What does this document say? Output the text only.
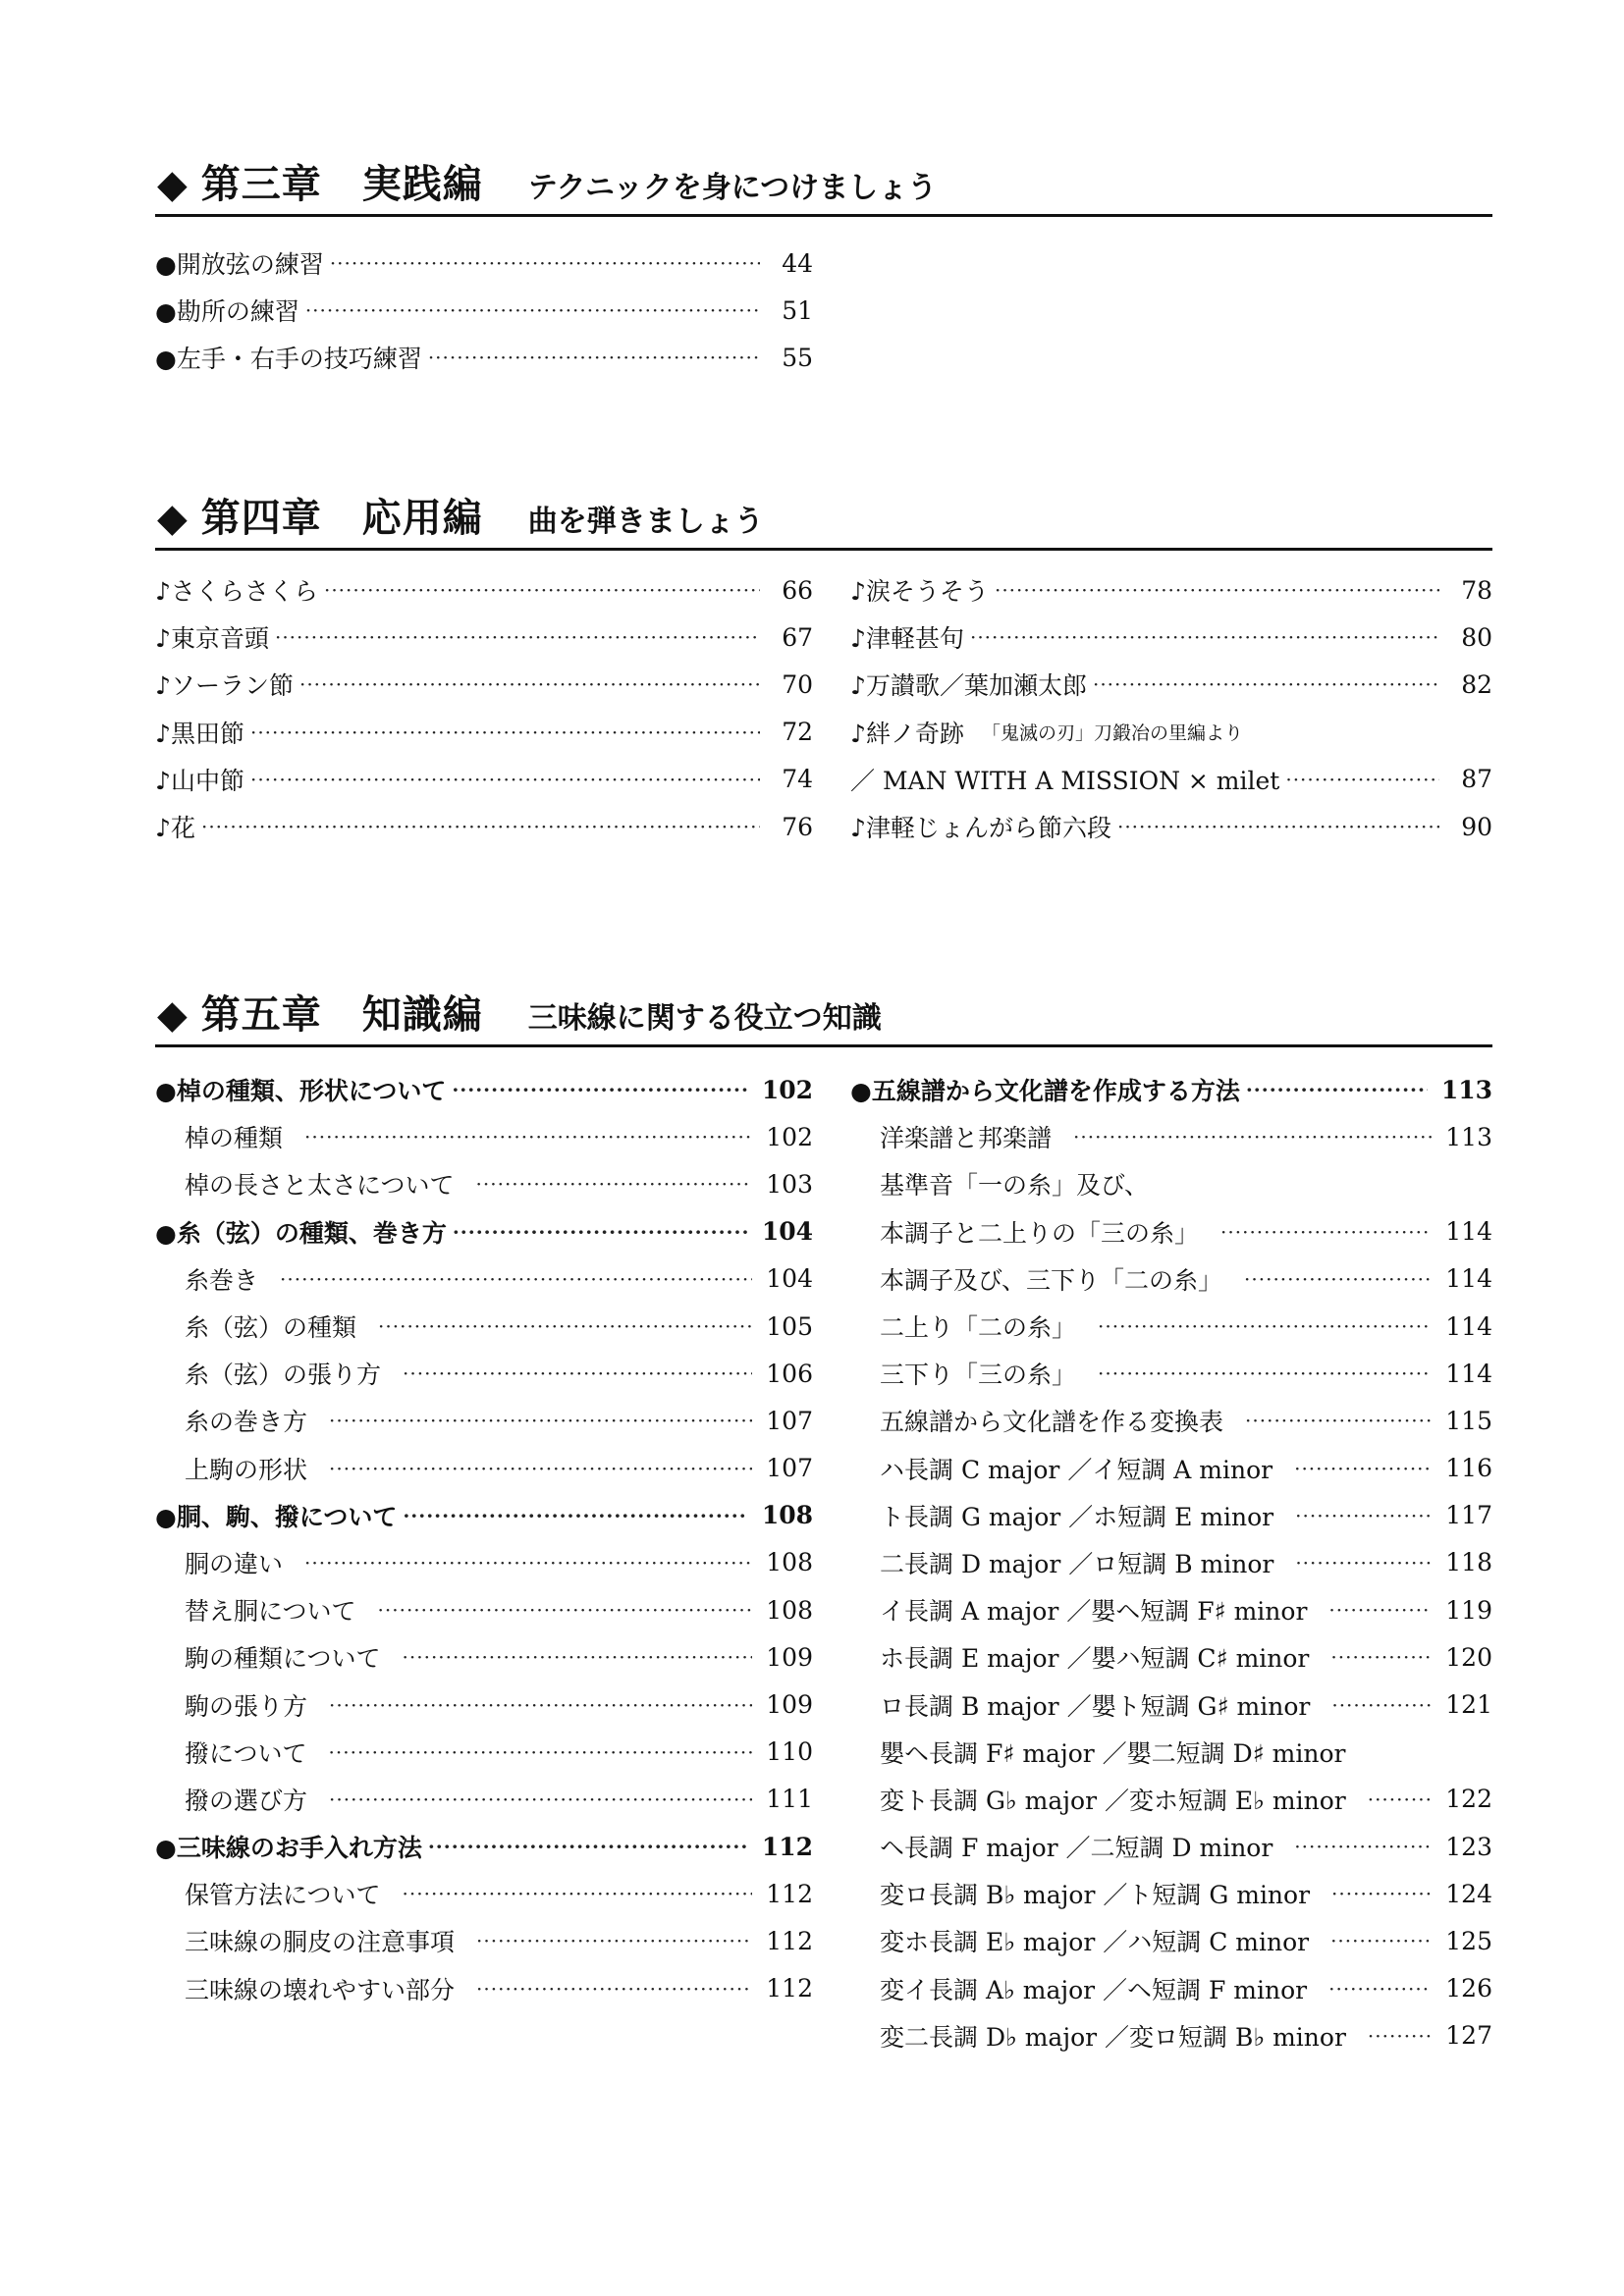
◆ 第三章　実践編 テクニックを身につけましょう
●開放弦の練習 ·····	44
●勘所の練習 ·····	51
●左手・右手の技巧練習 ·····	55
◆ 第四章　応用編 曲を弾きましょう
♪さくらさくら ·····	66
♪東京音頭 ·····	67
♪ソーラン節 ·····	70
♪黒田節 ·····	72
♪山中節 ·····	74
♪花 ·····	76
♪涙そうそう ·····	78
♪津軽甚句 ·····	80
♪万讃歌／葉加瀬太郎 ·····	82
♪絆ノ奇跡 「鬼滅の刃」刀鍛冶の里編より
／ MAN WITH A MISSION × milet ·····	87
♪津軽じょんがら節六段 ·····	90
◆ 第五章　知識編 三味線に関する役立つ知識
●棹の種類、形状について ·····	102
棹の種類 ·····	102
棹の長さと太さについて ·····	103
●糸（弦）の種類、巻き方 ·····	104
糸巻き ·····	104
糸（弦）の種類 ·····	105
糸（弦）の張り方 ·····	106
糸の巻き方 ·····	107
上駒の形状 ·····	107
●胴、駒、撥について ·····	108
胴の違い ·····	108
替え胴について ·····	108
駒の種類について ·····	109
駒の張り方 ·····	109
撥について ·····	110
撥の選び方 ·····	111
●三味線のお手入れ方法 ·····	112
保管方法について ·····	112
三味線の胴皮の注意事項 ·····	112
三味線の壊れやすい部分 ·····	112
●五線譜から文化譜を作成する方法 ·····	113
洋楽譜と邦楽譜 ·····	113
基準音「一の糸」及び、
本調子と二上りの「三の糸」 ·····	114
本調子及び、三下り「二の糸」 ·····	114
二上り「二の糸」 ·····	114
三下り「三の糸」 ·····	114
五線譜から文化譜を作る変換表 ·····	115
ハ長調 C major ／イ短調 A minor ·····	116
ト長調 G major ／ホ短調 E minor ·····	117
二長調 D major ／ロ短調 B minor ·····	118
イ長調 A major ／嬰ヘ短調 F♯ minor ·····	119
ホ長調 E major ／嬰ハ短調 C♯ minor ·····	120
ロ長調 B major ／嬰ト短調 G♯ minor ·····	121
嬰ヘ長調 F♯ major ／嬰二短調 D♯ minor
変ト長調 G♭ major ／変ホ短調 E♭ minor ·····	122
ヘ長調 F major ／二短調 D minor ·····	123
変ロ長調 B♭ major ／ト短調 G minor ·····	124
変ホ長調 E♭ major ／ハ短調 C minor ·····	125
変イ長調 A♭ major ／ヘ短調 F minor ·····	126
変二長調 D♭ major ／変ロ短調 B♭ minor ·····	127
